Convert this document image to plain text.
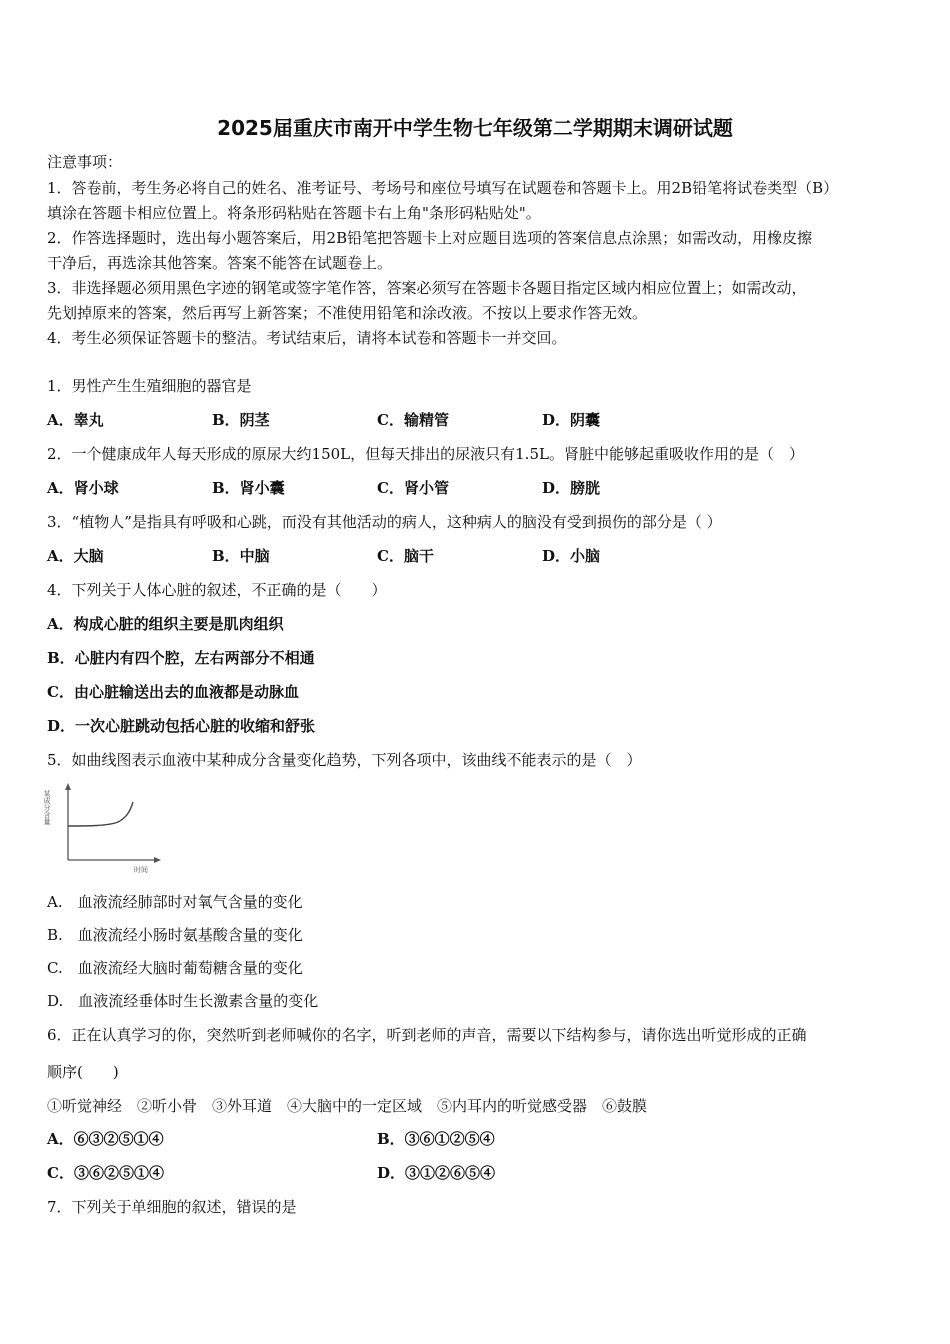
2025届重庆市南开中学生物七年级第二学期期末调研试题
注意事项：
1．答卷前，考生务必将自己的姓名、准考证号、考场号和座位号填写在试题卷和答题卡上。用2B铅笔将试卷类型（B）
填涂在答题卡相应位置上。将条形码粘贴在答题卡右上角"条形码粘贴处"。
2．作答选择题时，选出每小题答案后，用2B铅笔把答题卡上对应题目选项的答案信息点涂黑；如需改动，用橡皮擦
干净后，再选涂其他答案。答案不能答在试题卷上。
3．非选择题必须用黑色字迹的钢笔或签字笔作答，答案必须写在答题卡各题目指定区域内相应位置上；如需改动，
先划掉原来的答案，然后再写上新答案；不准使用铅笔和涂改液。不按以上要求作答无效。
4．考生必须保证答题卡的整洁。考试结束后，请将本试卷和答题卡一并交回。
1．男性产生生殖细胞的器官是
A．睾丸	B．阴茎	C．输精管	D．阴囊
2．一个健康成年人每天形成的原尿大约150L，但每天排出的尿液只有1.5L。肾脏中能够起重吸收作用的是（　）
A．肾小球	B．肾小囊	C．肾小管	D．膀胱
3．“植物人”是指具有呼吸和心跳，而没有其他活动的病人，这种病人的脑没有受到损伤的部分是（ ）
A．大脑	B．中脑	C．脑干	D．小脑
4．下列关于人体心脏的叙述，不正确的是（　　）
A．构成心脏的组织主要是肌肉组织
B．心脏内有四个腔，左右两部分不相通
C．由心脏输送出去的血液都是动脉血
D．一次心脏跳动包括心脏的收缩和舒张
5．如曲线图表示血液中某种成分含量变化趋势，下列各项中，该曲线不能表示的是（　）
某成分含量
时间
A.　血液流经肺部时对氧气含量的变化
B.　血液流经小肠时氨基酸含量的变化
C.　血液流经大脑时葡萄糖含量的变化
D.　血液流经垂体时生长激素含量的变化
6．正在认真学习的你，突然听到老师喊你的名字，听到老师的声音，需要以下结构参与，请你选出听觉形成的正确
顺序(　　)
①听觉神经　②听小骨　③外耳道　④大脑中的一定区域　⑤内耳内的听觉感受器　⑥鼓膜
A．⑥③②⑤①④	B．③⑥①②⑤④
C．③⑥②⑤①④	D．③①②⑥⑤④
7．下列关于单细胞的叙述，错误的是
